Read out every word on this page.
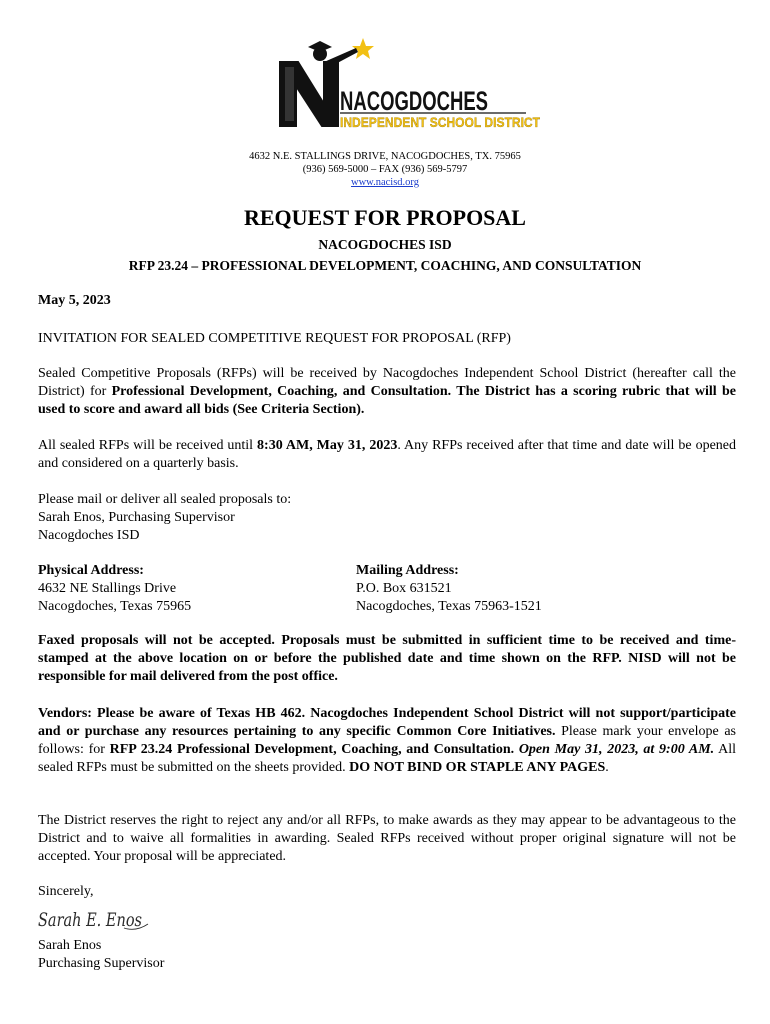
NACOGDOCHES
INDEPENDENT SCHOOL DISTRICT
4632 N.E. STALLINGS DRIVE, NACOGDOCHES, TX. 75965
(936) 569-5000 – FAX (936) 569-5797
www.nacisd.org
REQUEST FOR PROPOSAL
NACOGDOCHES ISD
RFP 23.24 – PROFESSIONAL DEVELOPMENT, COACHING, AND CONSULTATION
May 5, 2023
INVITATION FOR SEALED COMPETITIVE REQUEST FOR PROPOSAL (RFP)
Sealed Competitive Proposals (RFPs) will be received by Nacogdoches Independent School District (hereafter call the District) for Professional Development, Coaching, and Consultation. The District has a scoring rubric that will be used to score and award all bids (See Criteria Section).
All sealed RFPs will be received until 8:30 AM, May 31, 2023. Any RFPs received after that time and date will be opened and considered on a quarterly basis.
Please mail or deliver all sealed proposals to:
Sarah Enos, Purchasing Supervisor
Nacogdoches ISD
Physical Address:
4632 NE Stallings Drive
Nacogdoches, Texas 75965
Mailing Address:
P.O. Box 631521
Nacogdoches, Texas 75963-1521
Faxed proposals will not be accepted. Proposals must be submitted in sufficient time to be received and time-stamped at the above location on or before the published date and time shown on the RFP. NISD will not be responsible for mail delivered from the post office.
Vendors: Please be aware of Texas HB 462. Nacogdoches Independent School District will not support/participate and or purchase any resources pertaining to any specific Common Core Initiatives. Please mark your envelope as follows: for RFP 23.24 Professional Development, Coaching, and Consultation. Open May 31, 2023, at 9:00 AM. All sealed RFPs must be submitted on the sheets provided. DO NOT BIND OR STAPLE ANY PAGES.
The District reserves the right to reject any and/or all RFPs, to make awards as they may appear to be advantageous to the District and to waive all formalities in awarding. Sealed RFPs received without proper original signature will not be accepted. Your proposal will be appreciated.
Sincerely,
Sarah E. Enos
Sarah Enos
Purchasing Supervisor
